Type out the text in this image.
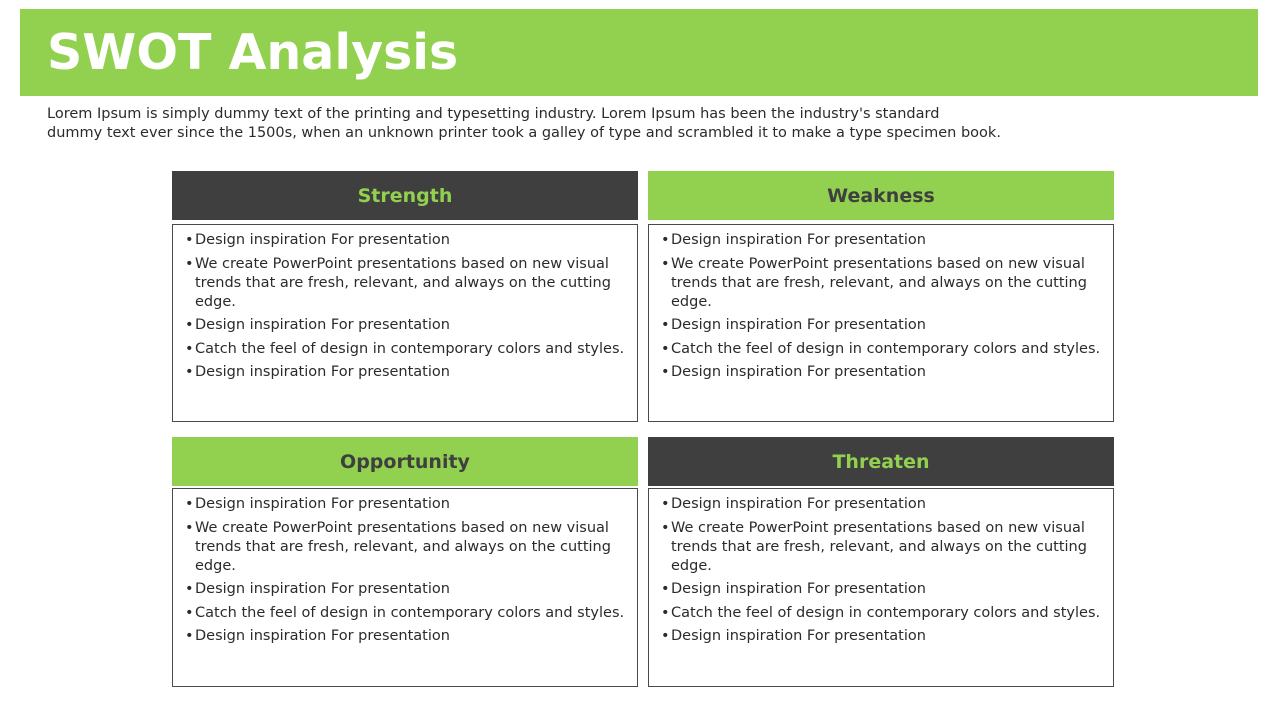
SWOT Analysis
Lorem Ipsum is simply dummy text of the printing and typesetting industry. Lorem Ipsum has been the industry's standard
dummy text ever since the 1500s, when an unknown printer took a galley of type and scrambled it to make a type specimen book.
Strength
• Design inspiration For presentation
• We create PowerPoint presentations based on new visual trends that are fresh, relevant, and always on the cutting edge.
• Design inspiration For presentation
• Catch the feel of design in contemporary colors and styles.
• Design inspiration For presentation
Weakness
• Design inspiration For presentation
• We create PowerPoint presentations based on new visual trends that are fresh, relevant, and always on the cutting edge.
• Design inspiration For presentation
• Catch the feel of design in contemporary colors and styles.
• Design inspiration For presentation
Opportunity
• Design inspiration For presentation
• We create PowerPoint presentations based on new visual trends that are fresh, relevant, and always on the cutting edge.
• Design inspiration For presentation
• Catch the feel of design in contemporary colors and styles.
• Design inspiration For presentation
Threaten
• Design inspiration For presentation
• We create PowerPoint presentations based on new visual trends that are fresh, relevant, and always on the cutting edge.
• Design inspiration For presentation
• Catch the feel of design in contemporary colors and styles.
• Design inspiration For presentation
